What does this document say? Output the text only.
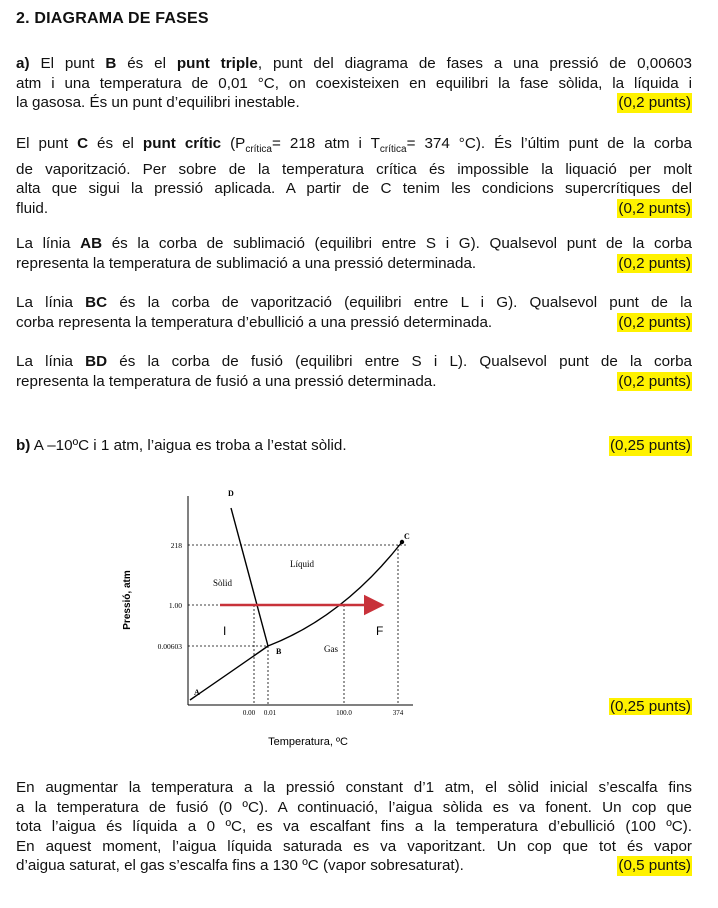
2. DIAGRAMA DE FASES
a) El punt B és el punt triple, punt del diagrama de fases a una pressió de 0,00603
atm i una temperatura de 0,01 °C, on coexisteixen en equilibri la fase sòlida, la líquida i
la gasosa. És un punt d’equilibri inestable.	(0,2 punts)
El punt C és el punt crític ($P_{crítica}= 218$ atm i $T_{crítica}= 374$ °C). És l’últim punt de la corba
de vaporització. Per sobre de la temperatura crítica és impossible la liquació per molt
alta que sigui la pressió aplicada. A partir de C tenim les condicions supercrítiques del
fluid.	(0,2 punts)
La línia AB és la corba de sublimació (equilibri entre S i G). Qualsevol punt de la corba
representa la temperatura de sublimació a una pressió determinada.	(0,2 punts)
La línia BC és la corba de vaporització (equilibri entre L i G). Qualsevol punt de la
corba representa la temperatura d’ebullició a una pressió determinada.	(0,2 punts)
La línia BD és la corba de fusió (equilibri entre S i L). Qualsevol punt de la corba
representa la temperatura de fusió a una pressió determinada.	(0,2 punts)
b) A –10ºC i 1 atm, l’aigua es troba a l’estat sòlid.	(0,25 punts)
218
1.00
0.00603
0.00 0.01	100.0	374
Pressió, atm
Temperatura, ºC
Sòlid
Líquid
Gas
A
B
C
D
I	F
(0,25 punts)
En augmentar la temperatura a la pressió constant d’1 atm, el sòlid inicial s’escalfa fins
a la temperatura de fusió (0 ºC). A continuació, l’aigua sòlida es va fonent. Un cop que
tota l’aigua és líquida a 0 ºC, es va escalfant fins a la temperatura d’ebullició (100 ºC).
En aquest moment, l’aigua líquida saturada es va vaporitzant. Un cop que tot és vapor
d’aigua saturat, el gas s’escalfa fins a 130 ºC (vapor sobresaturat).	(0,5 punts)
